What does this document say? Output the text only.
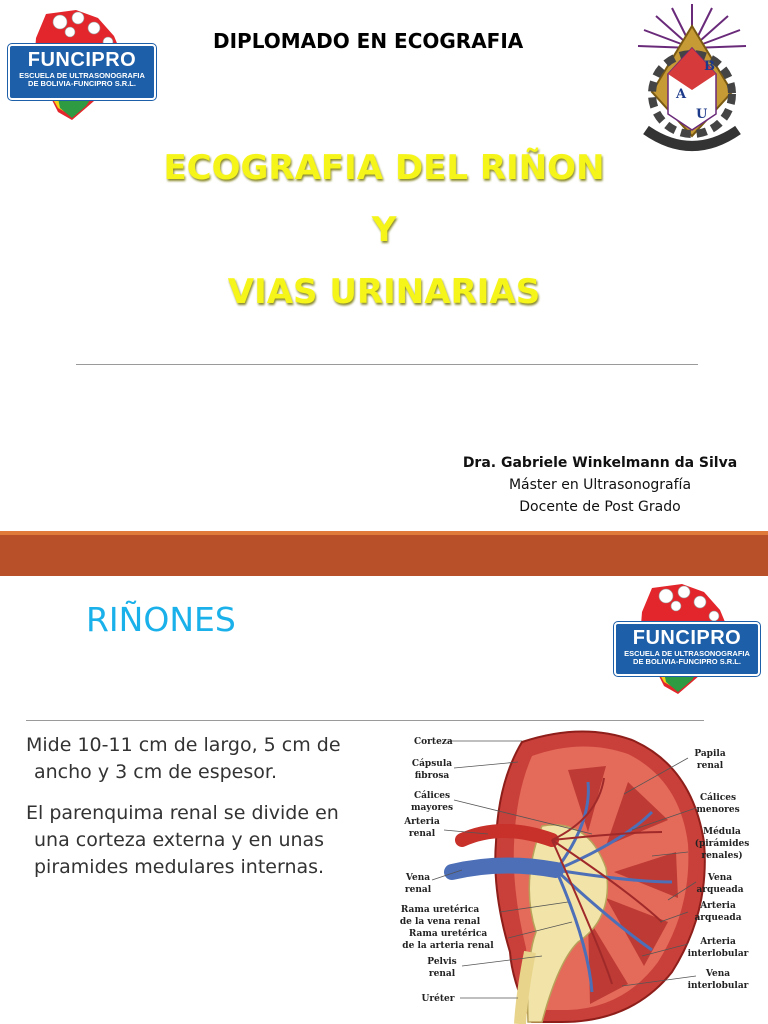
FUNCIPRO
ESCUELA DE ULTRASONOGRAFIA
DE BOLIVIA-FUNCIPRO S.R.L.
DIPLOMADO EN ECOGRAFIA
B
A
U
ECOGRAFIA DEL RIÑON
Y
VIAS URINARIAS
Dra. Gabriele Winkelmann da Silva
Máster en Ultrasonografía
Docente de Post Grado
RIÑONES	FUNCIPRO
ESCUELA DE ULTRASONOGRAFIA
DE BOLIVIA-FUNCIPRO S.R.L.
Mide 10-11 cm de largo, 5 cm de
ancho y 3 cm de espesor.
El parenquima renal se divide en
una corteza externa y en unas
piramides medulares internas.
Corteza
Cápsula fibrosa
Cálices mayores
Arteria renal
Vena renal
Rama uretérica de la vena renal
Rama uretérica de la arteria renal
Pelvis renal
Uréter
Papila renal
Cálices menores
Médula (pirámides renales)
Vena arqueada
Arteria arqueada
Arteria interlobular
Vena interlobular
